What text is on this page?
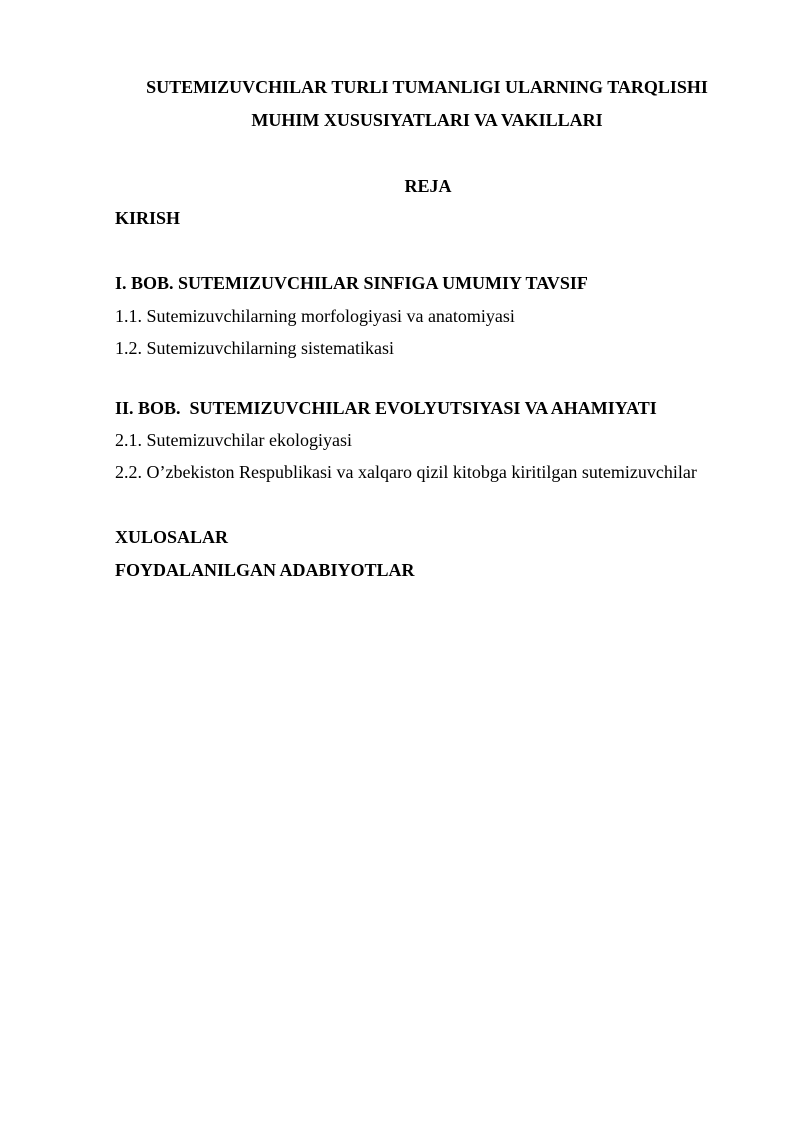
SUTEMIZUVCHILAR TURLI TUMANLIGI ULARNING TARQLISHI
MUHIM XUSUSIYATLARI VA VAKILLARI
REJA
KIRISH
I. BOB. SUTEMIZUVCHILAR SINFIGA UMUMIY TAVSIF
1.1. Sutemizuvchilarning morfologiyasi va anatomiyasi
1.2. Sutemizuvchilarning sistematikasi
II. BOB.  SUTEMIZUVCHILAR EVOLYUTSIYASI VA AHAMIYATI
2.1. Sutemizuvchilar ekologiyasi
2.2. O’zbekiston Respublikasi va xalqaro qizil kitobga kiritilgan sutemizuvchilar
XULOSALAR
FOYDALANILGAN ADABIYOTLAR
